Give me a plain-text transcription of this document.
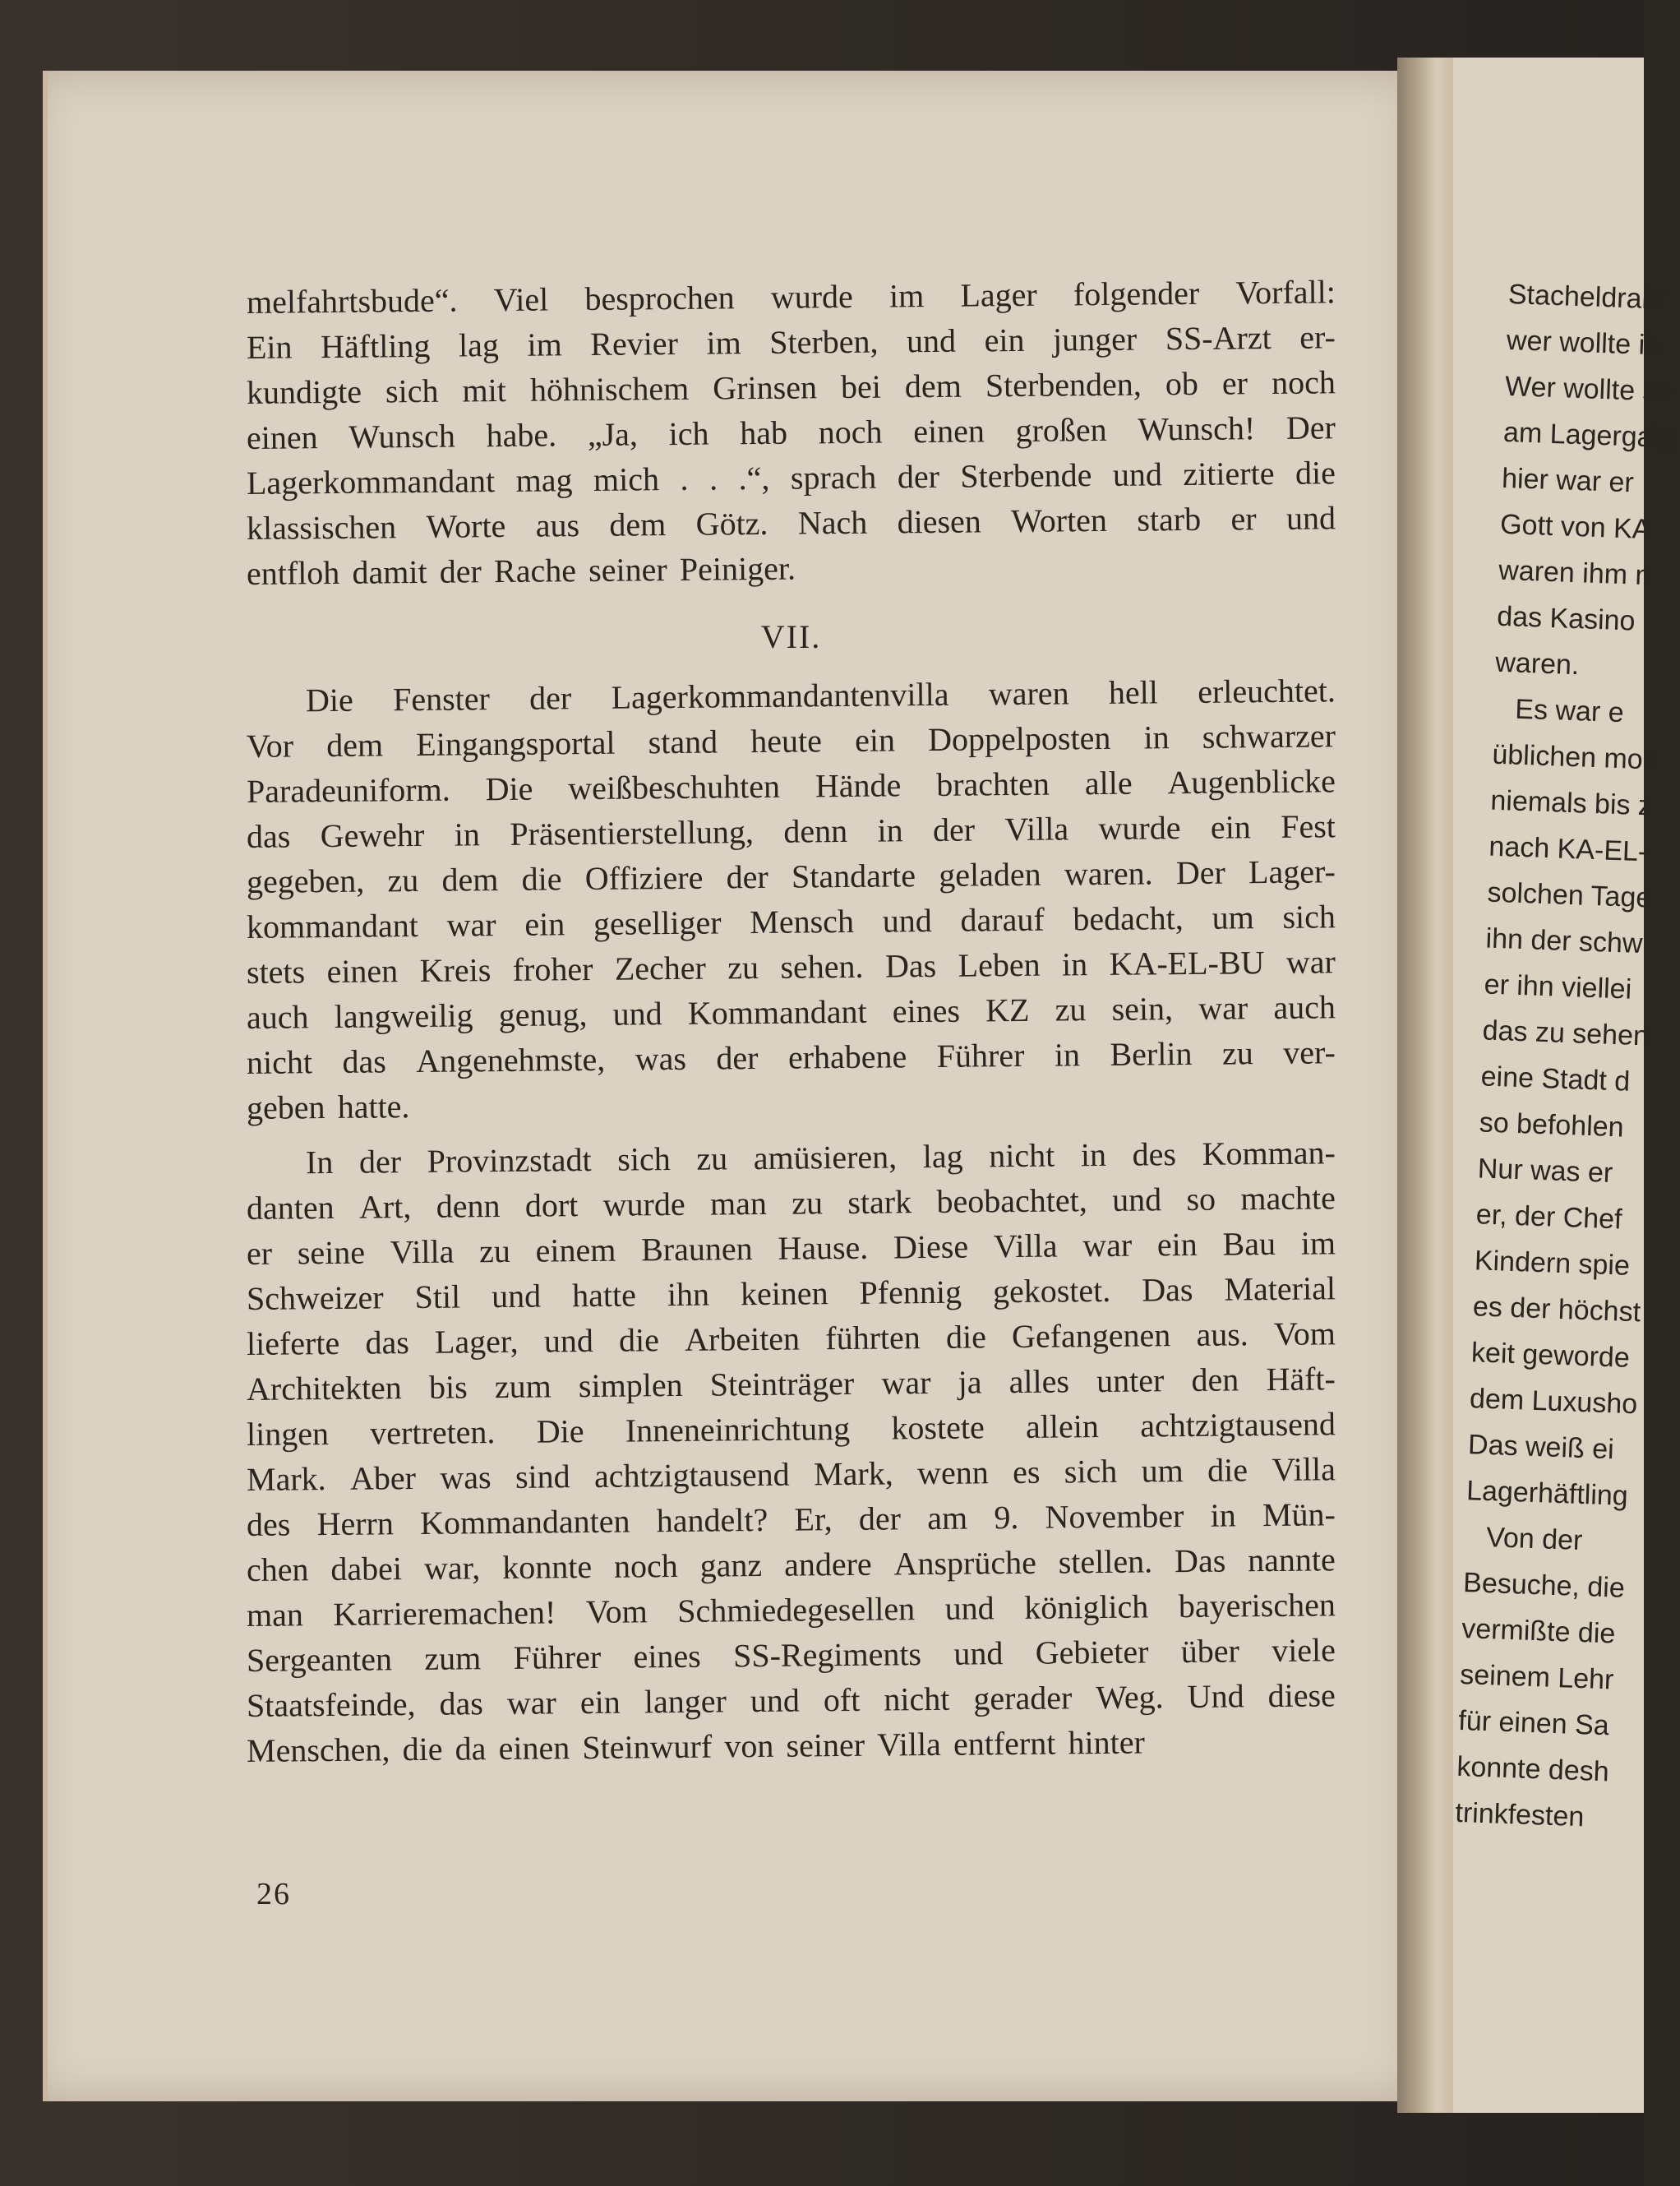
melfahrtsbude“. Viel besprochen wurde im Lager folgender Vorfall:
Ein Häftling lag im Revier im Sterben, und ein junger SS-Arzt er-
kundigte sich mit höhnischem Grinsen bei dem Sterbenden, ob er noch
einen Wunsch habe. „Ja, ich hab noch einen großen Wunsch! Der
Lagerkommandant mag mich . . .“, sprach der Sterbende und zitierte die
klassischen Worte aus dem Götz. Nach diesen Worten starb er und
entfloh damit der Rache seiner Peiniger.
VII.
Die Fenster der Lagerkommandantenvilla waren hell erleuchtet.
Vor dem Eingangsportal stand heute ein Doppelposten in schwarzer
Paradeuniform. Die weißbeschuhten Hände brachten alle Augenblicke
das Gewehr in Präsentierstellung, denn in der Villa wurde ein Fest
gegeben, zu dem die Offiziere der Standarte geladen waren. Der Lager-
kommandant war ein geselliger Mensch und darauf bedacht, um sich
stets einen Kreis froher Zecher zu sehen. Das Leben in KA-EL-BU war
auch langweilig genug, und Kommandant eines KZ zu sein, war auch
nicht das Angenehmste, was der erhabene Führer in Berlin zu ver-
geben hatte.
In der Provinzstadt sich zu amüsieren, lag nicht in des Komman-
danten Art, denn dort wurde man zu stark beobachtet, und so machte
er seine Villa zu einem Braunen Hause. Diese Villa war ein Bau im
Schweizer Stil und hatte ihn keinen Pfennig gekostet. Das Material
lieferte das Lager, und die Arbeiten führten die Gefangenen aus. Vom
Architekten bis zum simplen Steinträger war ja alles unter den Häft-
lingen vertreten. Die Inneneinrichtung kostete allein achtzigtausend
Mark. Aber was sind achtzigtausend Mark, wenn es sich um die Villa
des Herrn Kommandanten handelt? Er, der am 9. November in Mün-
chen dabei war, konnte noch ganz andere Ansprüche stellen. Das nannte
man Karrieremachen! Vom Schmiedegesellen und königlich bayerischen
Sergeanten zum Führer eines SS-Regiments und Gebieter über viele
Staatsfeinde, das war ein langer und oft nicht gerader Weg. Und diese
Menschen, die da einen Steinwurf von seiner Villa entfernt hinter
26
Stacheldraht
wer wollte ih
Wer wollte se
am Lagergalg
hier war er
Gott von KA
waren ihm n
das Kasino
waren.
Es war e
üblichen mon
niemals bis z
nach KA-EL-
solchen Tage
ihn der schw
er ihn viellei
das zu sehen
eine Stadt d
so befohlen
Nur was er
er, der Chef
Kindern spie
es der höchst
keit geworde
dem Luxusho
Das weiß ei
Lagerhäftling
Von der
Besuche, die
vermißte die
seinem Lehr
für einen Sa
konnte desh
trinkfesten
